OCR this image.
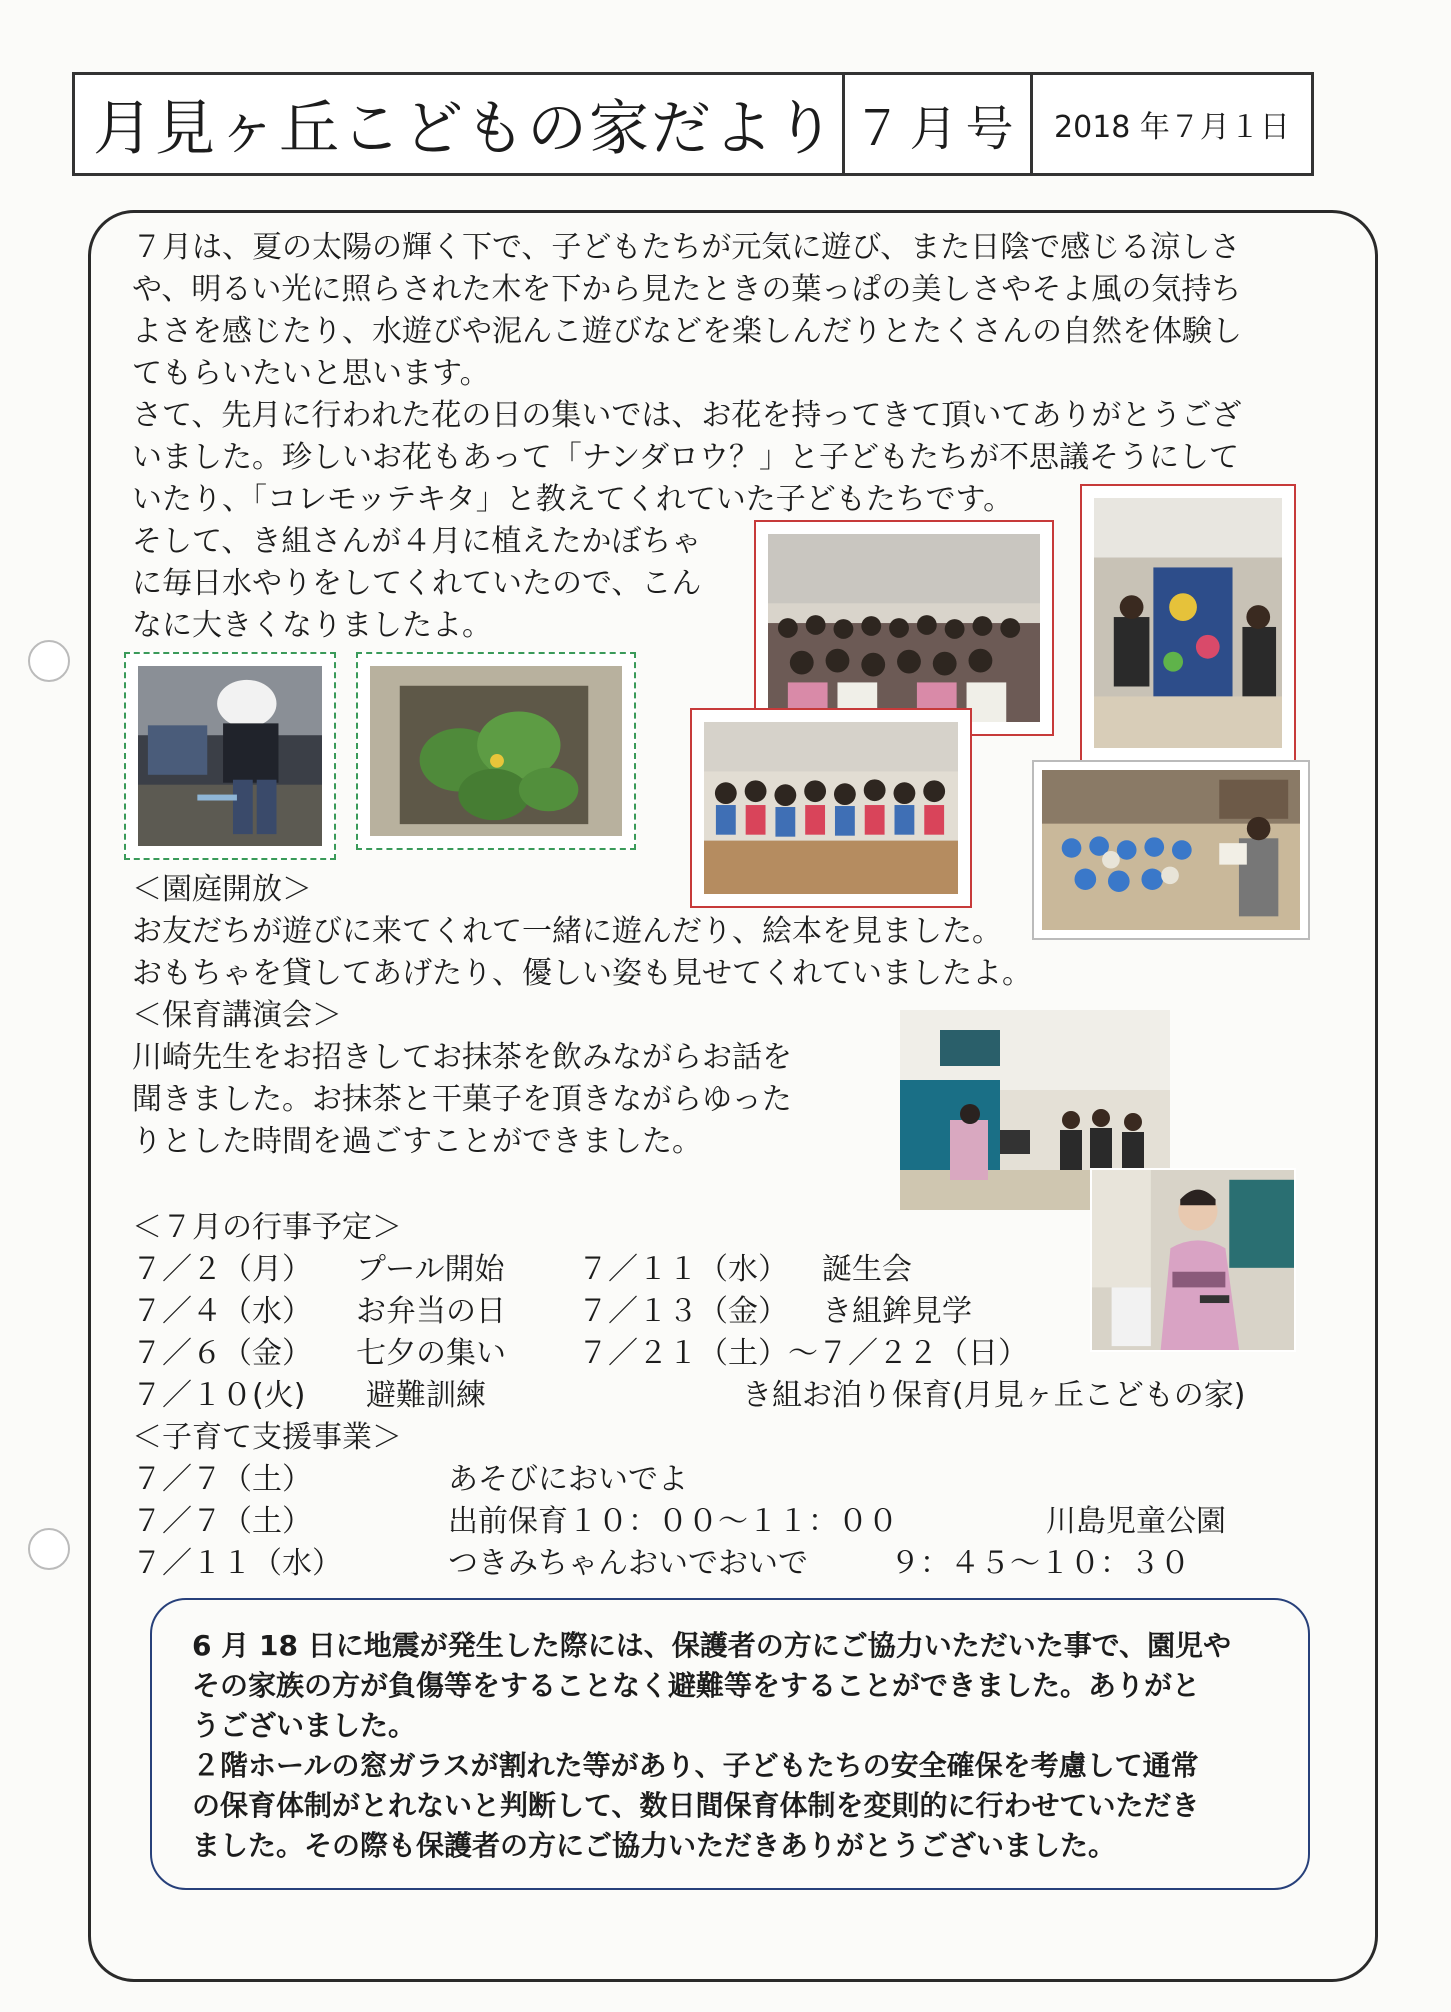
月見ヶ丘こどもの家だより ７月号	2018 年７月１日
７月は、夏の太陽の輝く下で、子どもたちが元気に遊び、また日陰で感じる涼しさ
や、明るい光に照らされた木を下から見たときの葉っぱの美しさやそよ風の気持ち
よさを感じたり、水遊びや泥んこ遊びなどを楽しんだりとたくさんの自然を体験し
てもらいたいと思います。
さて、先月に行われた花の日の集いでは、お花を持ってきて頂いてありがとうござ
いました。珍しいお花もあって「ナンダロウ？」と子どもたちが不思議そうにして
いたり、「コレモッテキタ」と教えてくれていた子どもたちです。
そして、き組さんが４月に植えたかぼちゃ
に毎日水やりをしてくれていたので、こん
なに大きくなりましたよ。
＜園庭開放＞
お友だちが遊びに来てくれて一緒に遊んだり、絵本を見ました。
おもちゃを貸してあげたり、優しい姿も見せてくれていましたよ。
＜保育講演会＞
川崎先生をお招きしてお抹茶を飲みながらお話を
聞きました。お抹茶と干菓子を頂きながらゆった
りとした時間を過ごすことができました。
＜７月の行事予定＞
７／２（月） プール開始 ７／１１（水） 誕生会
７／４（水） お弁当の日 ７／１３（金） き組鉾見学
７／６（金） 七夕の集い ７／２１（土）～７／２２（日）
７／１０(火) 避難訓練	き組お泊り保育(月見ヶ丘こどもの家)
＜子育て支援事業＞
７／７（土）	あそびにおいでよ
７／７（土）	出前保育１０：００～１１：００	川島児童公園
７／１１（水）	つきみちゃんおいでおいで	９：４５～１０：３０
6 月 18 日に地震が発生した際には、保護者の方にご協力いただいた事で、園児や
その家族の方が負傷等をすることなく避難等をすることができました。ありがと
うございました。
２階ホールの窓ガラスが割れた等があり、子どもたちの安全確保を考慮して通常
の保育体制がとれないと判断して、数日間保育体制を変則的に行わせていただき
ました。その際も保護者の方にご協力いただきありがとうございました。
